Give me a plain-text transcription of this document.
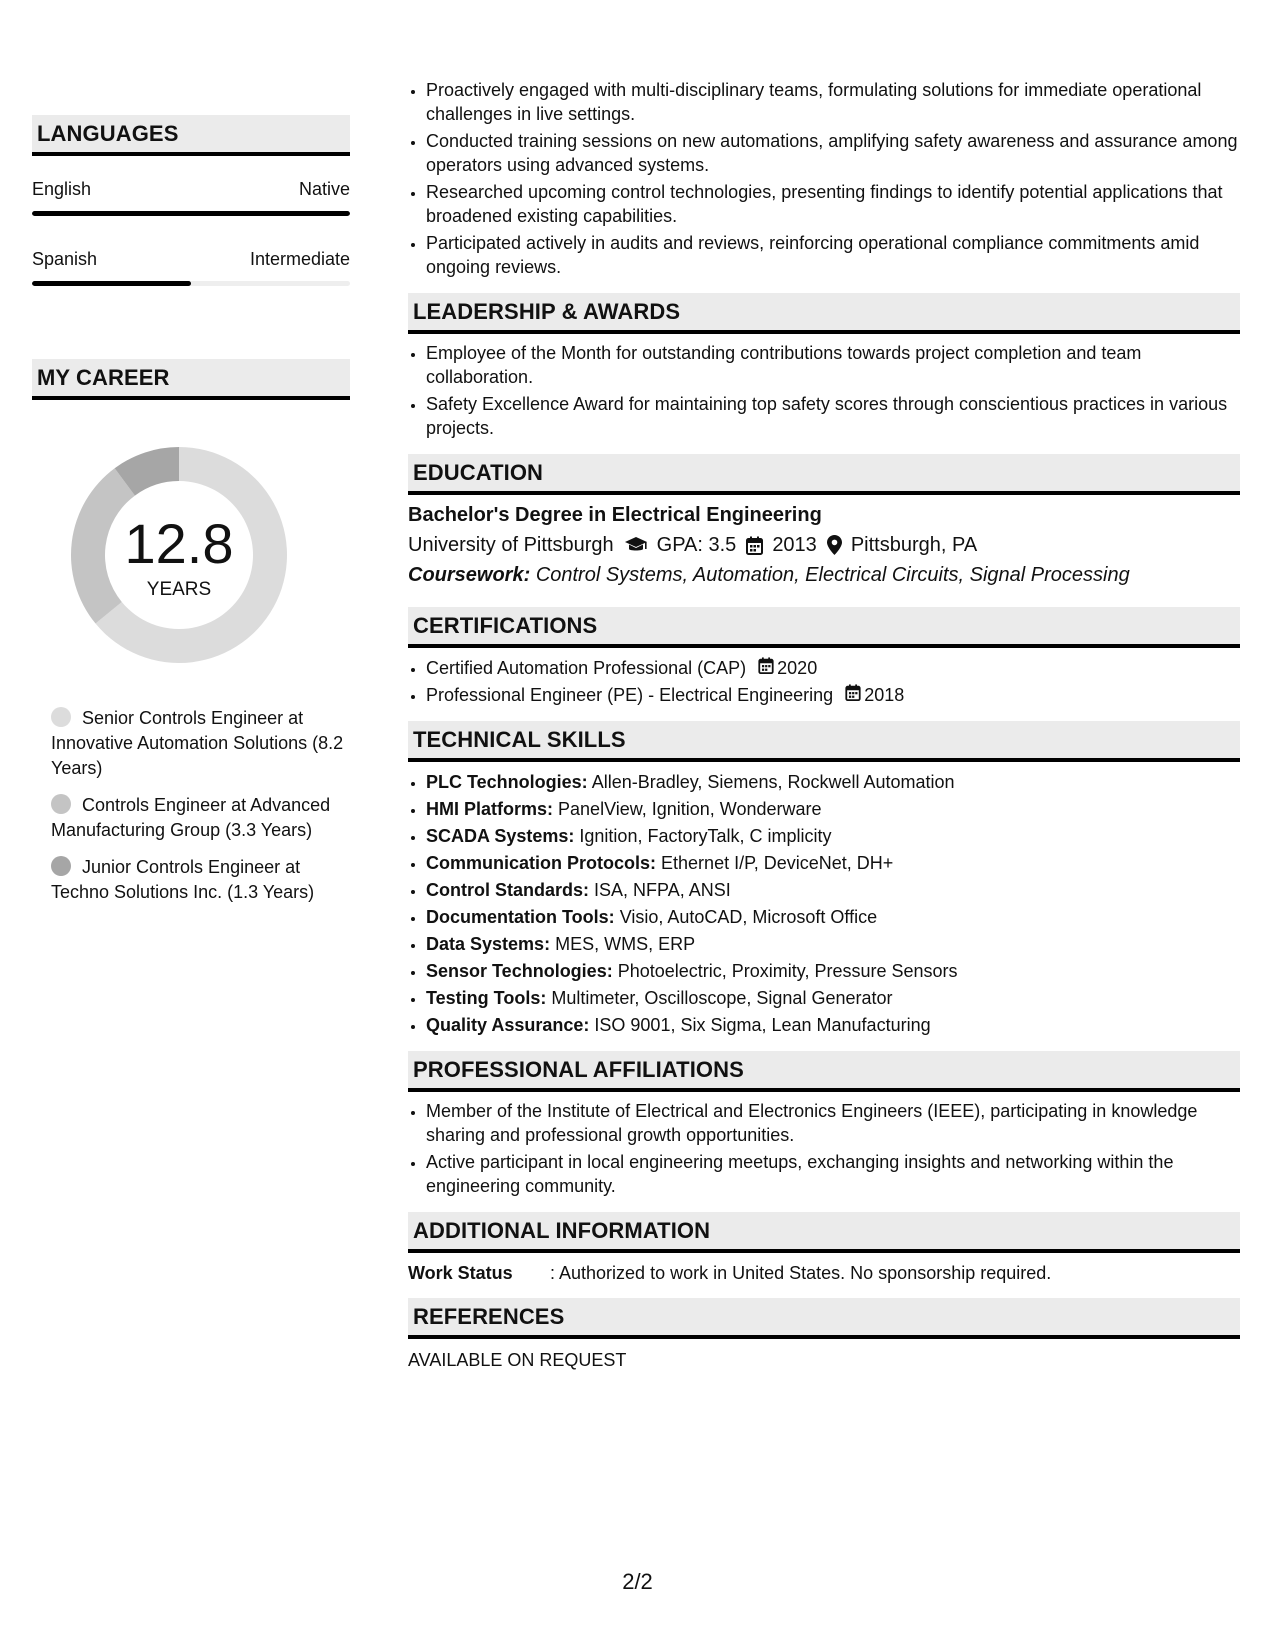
LANGUAGES
English	Native
Spanish	Intermediate
MY CAREER
12.8
YEARS
Senior Controls Engineer at Innovative Automation Solutions (8.2 Years)
Controls Engineer at Advanced Manufacturing Group (3.3 Years)
Junior Controls Engineer at Techno Solutions Inc. (1.3 Years)
• Proactively engaged with multi-disciplinary teams, formulating solutions for immediate operational challenges in live settings.
• Conducted training sessions on new automations, amplifying safety awareness and assurance among operators using advanced systems.
• Researched upcoming control technologies, presenting findings to identify potential applications that broadened existing capabilities.
• Participated actively in audits and reviews, reinforcing operational compliance commitments amid ongoing reviews.
LEADERSHIP & AWARDS
• Employee of the Month for outstanding contributions towards project completion and team collaboration.
• Safety Excellence Award for maintaining top safety scores through conscientious practices in various projects.
EDUCATION
Bachelor's Degree in Electrical Engineering
University of Pittsburgh GPA: 3.5 2013 Pittsburgh, PA
Coursework: Control Systems, Automation, Electrical Circuits, Signal Processing
CERTIFICATIONS
• Certified Automation Professional (CAP) 2020
• Professional Engineer (PE) - Electrical Engineering 2018
TECHNICAL SKILLS
• PLC Technologies: Allen-Bradley, Siemens, Rockwell Automation
• HMI Platforms: PanelView, Ignition, Wonderware
• SCADA Systems: Ignition, FactoryTalk, C implicity
• Communication Protocols: Ethernet I/P, DeviceNet, DH+
• Control Standards: ISA, NFPA, ANSI
• Documentation Tools: Visio, AutoCAD, Microsoft Office
• Data Systems: MES, WMS, ERP
• Sensor Technologies: Photoelectric, Proximity, Pressure Sensors
• Testing Tools: Multimeter, Oscilloscope, Signal Generator
• Quality Assurance: ISO 9001, Six Sigma, Lean Manufacturing
PROFESSIONAL AFFILIATIONS
• Member of the Institute of Electrical and Electronics Engineers (IEEE), participating in knowledge sharing and professional growth opportunities.
• Active participant in local engineering meetups, exchanging insights and networking within the engineering community.
ADDITIONAL INFORMATION
Work Status	: Authorized to work in United States. No sponsorship required.
REFERENCES
AVAILABLE ON REQUEST
2/2
